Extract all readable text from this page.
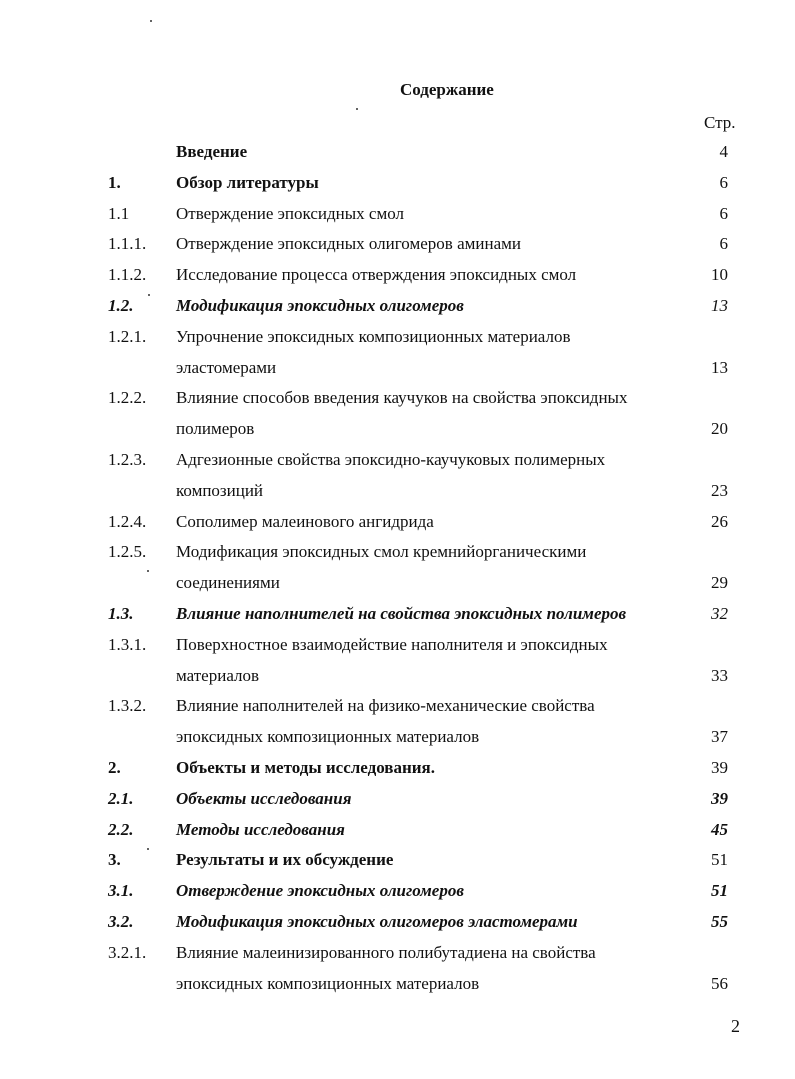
Содержание
Стр.
Введение	4
1.	Обзор литературы	6
1.1	Отверждение эпоксидных смол	6
1.1.1. Отверждение эпоксидных олигомеров аминами	6
1.1.2. Исследование процесса отверждения эпоксидных смол	10
1.2.	Модификация эпоксидных олигомеров	13
1.2.1. Упрочнение эпоксидных композиционных материалов
эластомерами	13
1.2.2. Влияние способов введения каучуков на свойства эпоксидных
полимеров	20
1.2.3. Адгезионные свойства эпоксидно-каучуковых полимерных
композиций	23
1.2.4. Сополимер малеинового ангидрида	26
1.2.5. Модификация эпоксидных смол кремнийорганическими
соединениями	29
1.3.	Влияние наполнителей на свойства эпоксидных полимеров	32
1.3.1. Поверхностное взаимодействие наполнителя и эпоксидных
материалов	33
1.3.2. Влияние наполнителей на физико-механические свойства
эпоксидных композиционных материалов	37
2.	Объекты и методы исследования.	39
2.1.	Объекты исследования	39
2.2.	Методы исследования	45
3.	Результаты и их обсуждение	51
3.1.	Отверждение эпоксидных олигомеров	51
3.2.	Модификация эпоксидных олигомеров эластомерами	55
3.2.1. Влияние малеинизированного полибутадиена на свойства
эпоксидных композиционных материалов	56
2
